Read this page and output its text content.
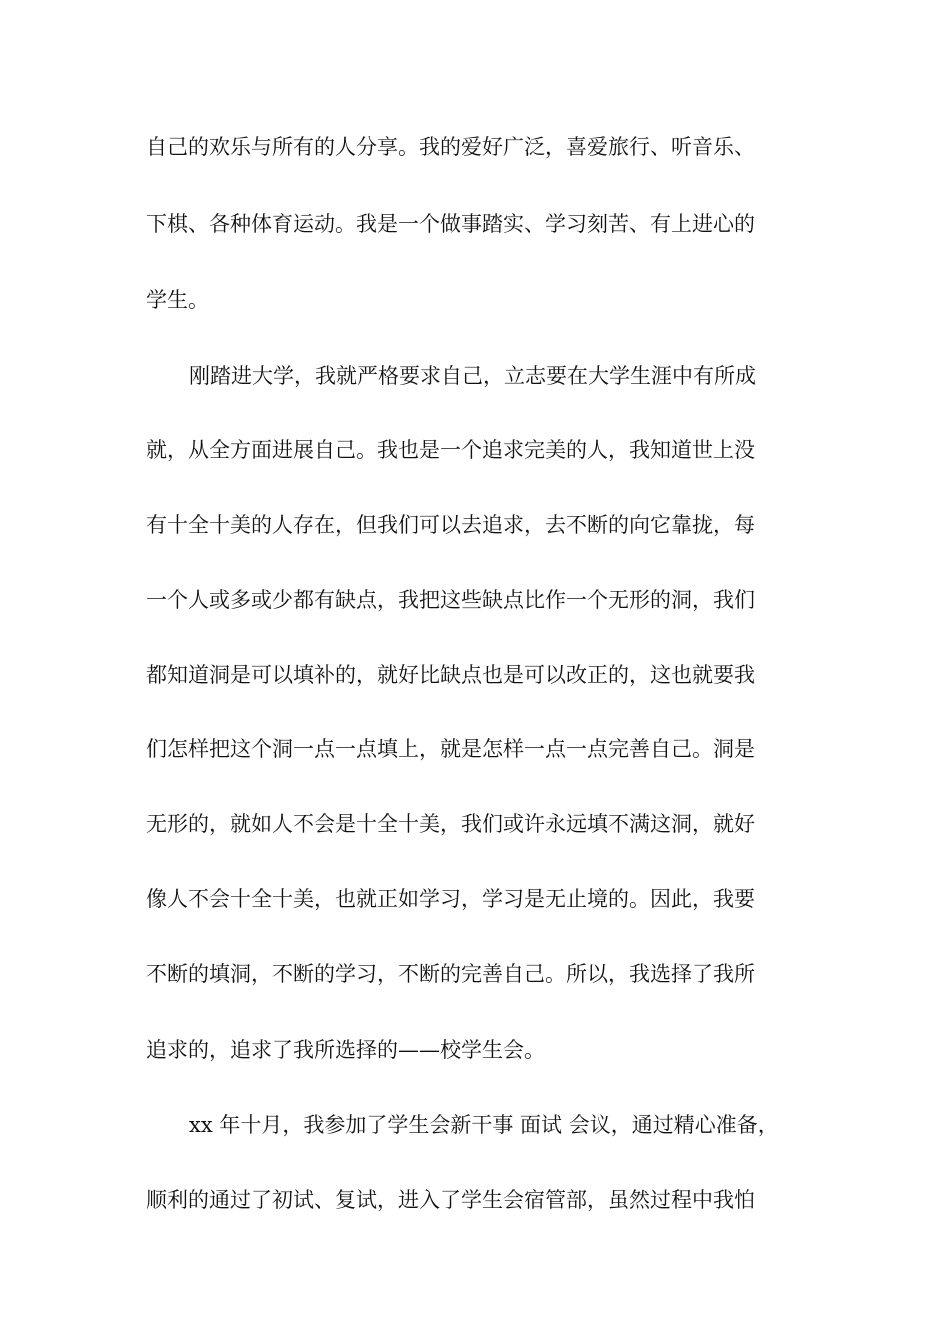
自己的欢乐与所有的人分享。我的爱好广泛，喜爱旅行、听音乐、
下棋、各种体育运动。我是一个做事踏实、学习刻苦、有上进心的
学生。
刚踏进大学，我就严格要求自己，立志要在大学生涯中有所成
就，从全方面进展自己。我也是一个追求完美的人，我知道世上没
有十全十美的人存在，但我们可以去追求，去不断的向它靠拢，每
一个人或多或少都有缺点，我把这些缺点比作一个无形的洞，我们
都知道洞是可以填补的，就好比缺点也是可以改正的，这也就要我
们怎样把这个洞一点一点填上，就是怎样一点一点完善自己。洞是
无形的，就如人不会是十全十美，我们或许永远填不满这洞，就好
像人不会十全十美，也就正如学习，学习是无止境的。因此，我要
不断的填洞，不断的学习，不断的完善自己。所以，我选择了我所
追求的，追求了我所选择的——校学生会。
xx 年十月，我参加了学生会新干事 面试 会议，通过精心准备，
顺利的通过了初试、复试，进入了学生会宿管部，虽然过程中我怕
